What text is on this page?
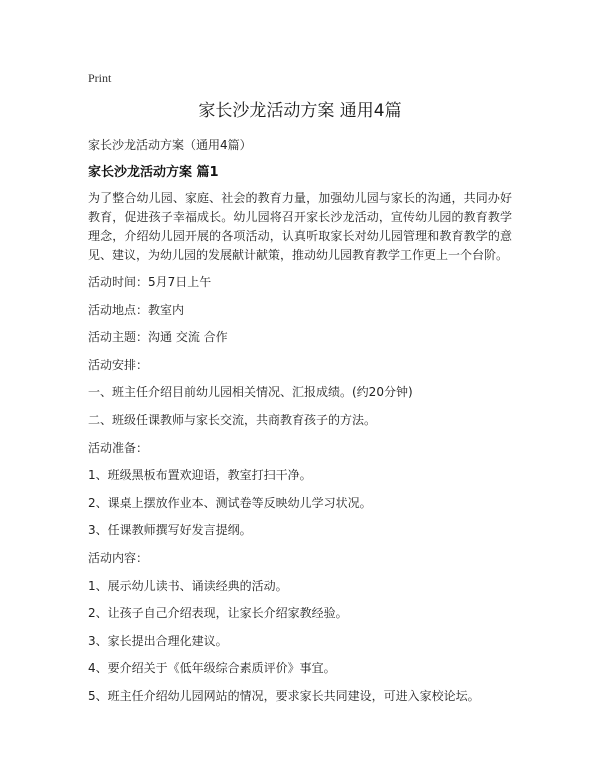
Print
家长沙龙活动方案 通用4篇
家长沙龙活动方案（通用4篇）
家长沙龙活动方案 篇1

为了整合幼儿园、家庭、社会的教育力量，加强幼儿园与家长的沟通，共同办好教育，促进孩子幸福成长。幼儿园将召开家长沙龙活动，宣传幼儿园的教育教学理念，介绍幼儿园开展的各项活动，认真听取家长对幼儿园管理和教育教学的意见、建议，为幼儿园的发展献计献策，推动幼儿园教育教学工作更上一个台阶。

活动时间：5月7日上午
活动地点：教室内
活动主题：沟通 交流 合作
活动安排：
一、班主任介绍目前幼儿园相关情况、汇报成绩。(约20分钟)
二、班级任课教师与家长交流，共商教育孩子的方法。
活动准备：
1、班级黑板布置欢迎语，教室打扫干净。
2、课桌上摆放作业本、测试卷等反映幼儿学习状况。
3、任课教师撰写好发言提纲。
活动内容：
1、展示幼儿读书、诵读经典的活动。
2、让孩子自己介绍表现，让家长介绍家教经验。
3、家长提出合理化建议。
4、要介绍关于《低年级综合素质评价》事宜。
5、班主任介绍幼儿园网站的情况，要求家长共同建设，可进入家校论坛。
